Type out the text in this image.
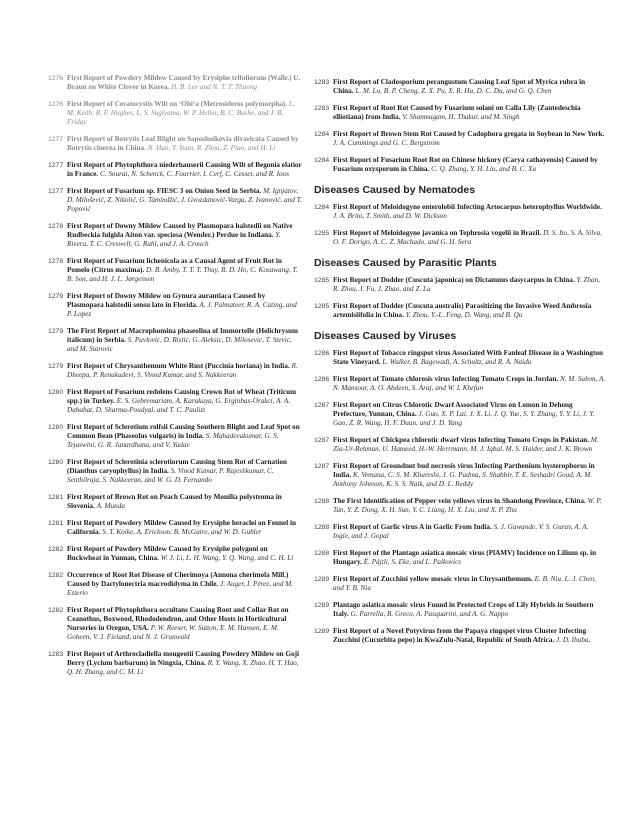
1276 First Report of Powdery Mildew Caused by Erysiphe trifoliorum (Wallr.) U. Braun on White Clover in Korea. H. B. Lee and N. T. T. Thuong
1276 First Report of Ceratocystis Wilt on ʻOhiʻa (Metrosideros polymorpha). L. M. Keith, R. F. Hughes, L. S. Sugiyama, W. P. Heller, B. C. Bushe, and J. B. Friday
1277 First Report of Botrytis Leaf Blight on Saposhnikovia divaricata Caused by Botrytis cinerea in China. N. Hao, Y. Yuan, R. Zhou, Z. Piao, and H. Li
1277 First Report of Phytophthora niederhauserii Causing Wilt of Begonia elatior in France. C. Sourat, N. Schenck, C. Fourrier, I. Cerf, C. Cesset, and R. Ioos
1277 First Report of Fusarium sp. FIESC 3 on Onion Seed in Serbia. M. Ignjatov, D. Milošević, Z. Nikolić, G. Tamindžić, J. Gvozdanović-Varga, Z. Ivanović, and T. Popović
1278 First Report of Downy Mildew Caused by Plasmopara halstedii on Native Rudbeckia fulgida Aiton var. speciosa (Wender.) Perdue in Indiana. Y. Rivera, T. C. Creswell, G. Ruhl, and J. A. Crouch
1278 First Report of Fusarium lichenicola as a Causal Agent of Fruit Rot in Pomelo (Citrus maxima). D. B. Amby, T. T. T. Thuy, B. D. Ho, C. Kosawang, T. B. Son, and H. J. L. Jørgensen
1279 First Report of Downy Mildew on Gynura aurantiaca Caused by Plasmopara halstedii sensu lato in Florida. A. J. Palmateer, R. A. Cating, and P. Lopez
1279 The First Report of Macrophomina phaseolina of Immortelle (Helichrysum italicum) in Serbia. S. Pavlovic, D. Ristic, G. Aleksic, D. Milosevic, T. Stevic, and M. Starovic
1279 First Report of Chrysanthemum White Rust (Puccinia horiana) in India. R. Dheepa, P. Renukadevi, S. Vinod Kumar, and S. Nakkeeran
1280 First Report of Fusarium redolens Causing Crown Rot of Wheat (Triticum spp.) in Turkey. E. S. Gebremariam, A. Karakaya, G. Erginbas-Orakci, A. A. Dababat, D. Sharma-Poudyal, and T. C. Paulitz
1280 First Report of Sclerotium rolfsii Causing Southern Blight and Leaf Spot on Common Bean (Phaseolus vulgaris) in India. S. Mahadevakumar, G. S. Tejaswini, G. R. Janardhana, and V. Yadav
1280 First Report of Sclerotinia sclerotiorum Causing Stem Rot of Carnation (Dianthus caryophyllus) in India. S. Vinod Kumar, P. Rajeshkumar, C. Senthilraja, S. Nakkeeran, and W. G. D. Fernando
1281 First Report of Brown Rot on Peach Caused by Monilia polystroma in Slovenia. A. Munda
1281 First Report of Powdery Mildew Caused by Erysiphe heraclei on Fennel in California. S. T. Koike, A. Erickson, B. McGuire, and W. D. Gubler
1282 First Report of Powdery Mildew Caused by Erysiphe polygoni on Buckwheat in Yunnan, China. W. J. Li, L. H. Wang, Y. Q. Wang, and C. H. Li
1282 Occurrence of Root Rot Disease of Cherimoya (Annona cherimola Mill.) Caused by Dactylonectria macrodidyma in Chile. J. Auger, I. Pérez, and M. Esterio
1282 First Report of Phytophthora occultans Causing Root and Collar Rot on Ceanothus, Boxwood, Rhododendron, and Other Hosts in Horticultural Nurseries in Oregon, USA. P. W. Reeser, W. Sutton, E. M. Hansen, E. M. Goheen, V. J. Fieland, and N. J. Grunwald
1283 First Report of Arthrocladiella mougeotii Causing Powdery Mildew on Goji Berry (Lycium barbarum) in Ningxia, China. R. Y. Wang, X. Zhao, H. T. Hao, Q. H. Zhang, and C. M. Li
1283 First Report of Cladosporium perangustum Causing Leaf Spot of Myrica rubra in China. L. M. Lu, B. P. Cheng, Z. X. Pu, X. R. Hu, D. C. Du, and G. Q. Chen
1283 First Report of Root Rot Caused by Fusarium solani on Calla Lily (Zantedeschia elliotiana) from India. V. Shanmugam, H. Thakur, and M. Singh
1284 First Report of Brown Stem Rot Caused by Cadophora gregata in Soybean in New York. J. A. Cummings and G. C. Bergstrom
1284 First Report of Fusarium Root Rot on Chinese hickory (Carya cathayensis) Caused by Fusarium oxysporum in China. C. Q. Zhang, Y. H. Liu, and B. C. Xu
Diseases Caused by Nematodes
1284 First Report of Meloidogyne enterolobii Infecting Artocarpus heterophyllus Worldwide. J. A. Brito, T. Smith, and D. W. Dickson
1285 First Report of Meloidogyne javanica on Tephrosia vogelii in Brazil. D. S. Ito, S. A. Silva, O. F. Dorigo, A. C. Z. Machado, and G. H. Sera
Diseases Caused by Parasitic Plants
1285 First Report of Dodder (Cuscuta japonica) on Dictamnus dasycarpus in China. Y. Zhan, R. Zhou, J. Fu, J. Zhao, and Z. Lu
1285 First Report of Dodder (Cuscuta australis) Parasitizing the Invasive Weed Ambrosia artemisiifolia in China. Y. Zhou, Y.-L. Feng, D. Wang, and B. Qu
Diseases Caused by Viruses
1286 First Report of Tobacco ringspot virus Associated With Fanleaf Disease in a Washington State Vineyard. L. Walker, B. Bagewadi, A. Schultz, and R. A. Naidu
1286 First Report of Tomato chlorosis virus Infecting Tomato Crops in Jordan. N. M. Salem, A. N. Mansour, A. O. Abdeen, S. Araj, and W. I. Khrfan
1287 First Report on Citrus Chlorotic Dwarf Associated Virus on Lemon in Dehong Prefecture, Yunnan, China. J. Guo, X. P. Lai, J. X. Li, J. Q. Yue, S. Y. Zhang, Y. Y. Li, J. Y. Gao, Z. R. Wang, H. F. Duan, and J. D. Yang
1287 First Report of Chickpea chlorotic dwarf virus Infecting Tomato Crops in Pakistan. M. Zia-Ur-Rehman, U. Hameed, H.-W. Herrmann, M. J. Iqbal, M. S. Haider, and J. K. Brown
1287 First Report of Groundnut bud necrosis virus Infecting Parthenium hysterophorus in India. K. Vemana, C. S. M. Khureshi, J. G. Padma, S. Shabbir, T. E. Seshadri Goud, A. M. Anthony Johnson, K. S. S. Naik, and D. L. Reddy
1288 The First Identification of Pepper vein yellows virus in Shandong Province, China. W. P. Tan, Y. Z. Dong, X. H. Sun, Y. C. Liang, H. X. Liu, and X. P. Zhu
1288 First Report of Garlic virus A in Garlic From India. S. J. Gawande, V. S. Gurav, A. A. Ingle, and J. Gopal
1288 First Report of the Plantago asiatica mosaic virus (PlAMV) Incidence on Lilium sp. in Hungary. É. Pájtli, S. Eke, and L. Palkovics
1289 First Report of Zucchini yellow mosaic virus in Chrysanthemum. E. B. Niu, L. J. Chen, and Y. B. Niu
1289 Plantago asiatica mosaic virus Found in Protected Crops of Lily Hybrids in Southern Italy. G. Parrella, B. Greco, A. Pasquarini, and A. G. Nappo
1289 First Report of a Novel Potyvirus from the Papaya ringspot virus Cluster Infecting Zucchini (Cucurbita pepo) in KwaZulu-Natal, Republic of South Africa. J. D. Ibaba,
